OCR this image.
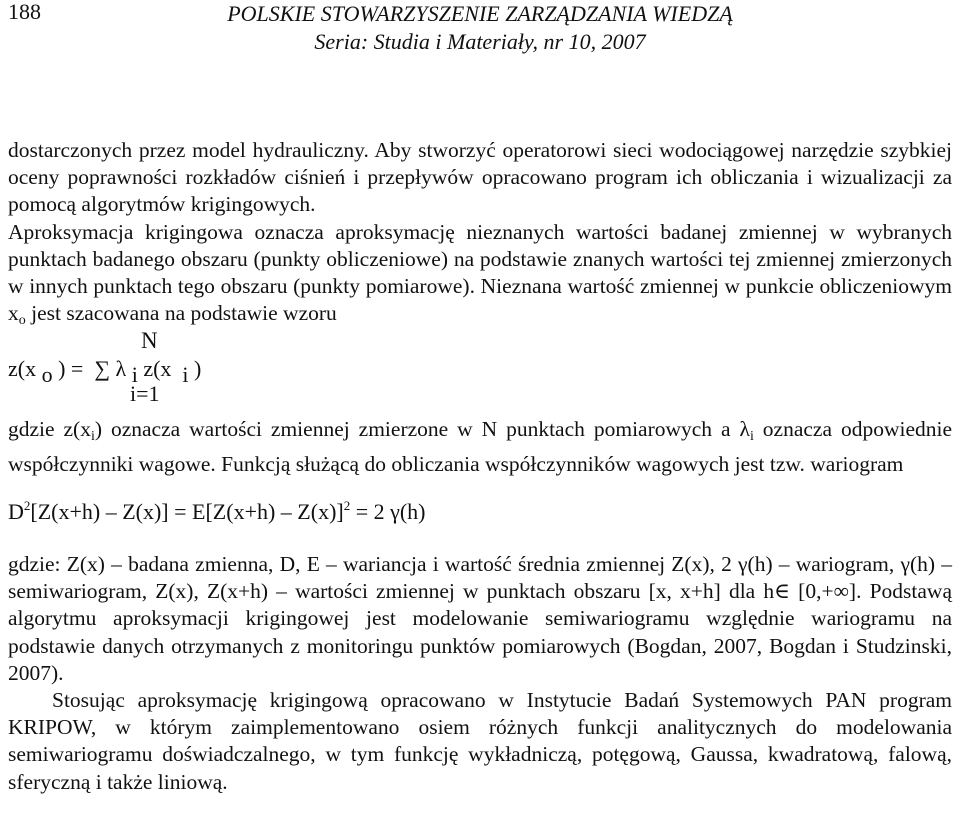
188	POLSKIE STOWARZYSZENIE ZARZĄDZANIA WIEDZĄ
Seria: Studia i Materiały, nr 10, 2007

dostarczonych przez model hydrauliczny. Aby stworzyć operatorowi sieci wodociągowej narzędzie szybkiej oceny poprawności rozkładów ciśnień i przepływów opracowano program ich obliczania i wizualizacji za pomocą algorytmów krigingowych.

Aproksymacja krigingowa oznacza aproksymację nieznanych wartości badanej zmiennej w wybranych punktach badanego obszaru (punkty obliczeniowe) na podstawie znanych wartości tej zmiennej zmierzonych w innych punktach tego obszaru (punkty pomiarowe). Nieznana wartość zmiennej w punkcie obliczeniowym $x_o$ jest szacowana na podstawie wzoru

N
z(x o ) = ∑ λ i z(x i )
i=1

gdzie $z(x_i)$ oznacza wartości zmiennej zmierzone w N punktach pomiarowych a $\lambda_i$ oznacza odpowiednie współczynniki wagowe. Funkcją służącą do obliczania współczynników wagowych jest tzw. wariogram

$D^2[Z(x+h) - Z(x)] = E[Z(x+h) - Z(x)]^2 = 2$ γ(h)

gdzie: Z(x) – badana zmienna, D, E – wariancja i wartość średnia zmiennej Z(x), 2 γ(h) – wariogram, γ(h) – semiwariogram, Z(x), Z(x+h) – wartości zmiennej w punktach obszaru [x, x+h] dla h∈ [0,+∞]. Podstawą algorytmu aproksymacji krigingowej jest modelowanie semiwariogramu względnie wariogramu na podstawie danych otrzymanych z monitoringu punktów pomiarowych (Bogdan, 2007, Bogdan i Studzinski, 2007).

Stosując aproksymację krigingową opracowano w Instytucie Badań Systemowych PAN program KRIPOW, w którym zaimplementowano osiem różnych funkcji analitycznych do modelowania semiwariogramu doświadczalnego, w tym funkcję wykładniczą, potęgową, Gaussa, kwadratową, falową, sferyczną i także liniową.
